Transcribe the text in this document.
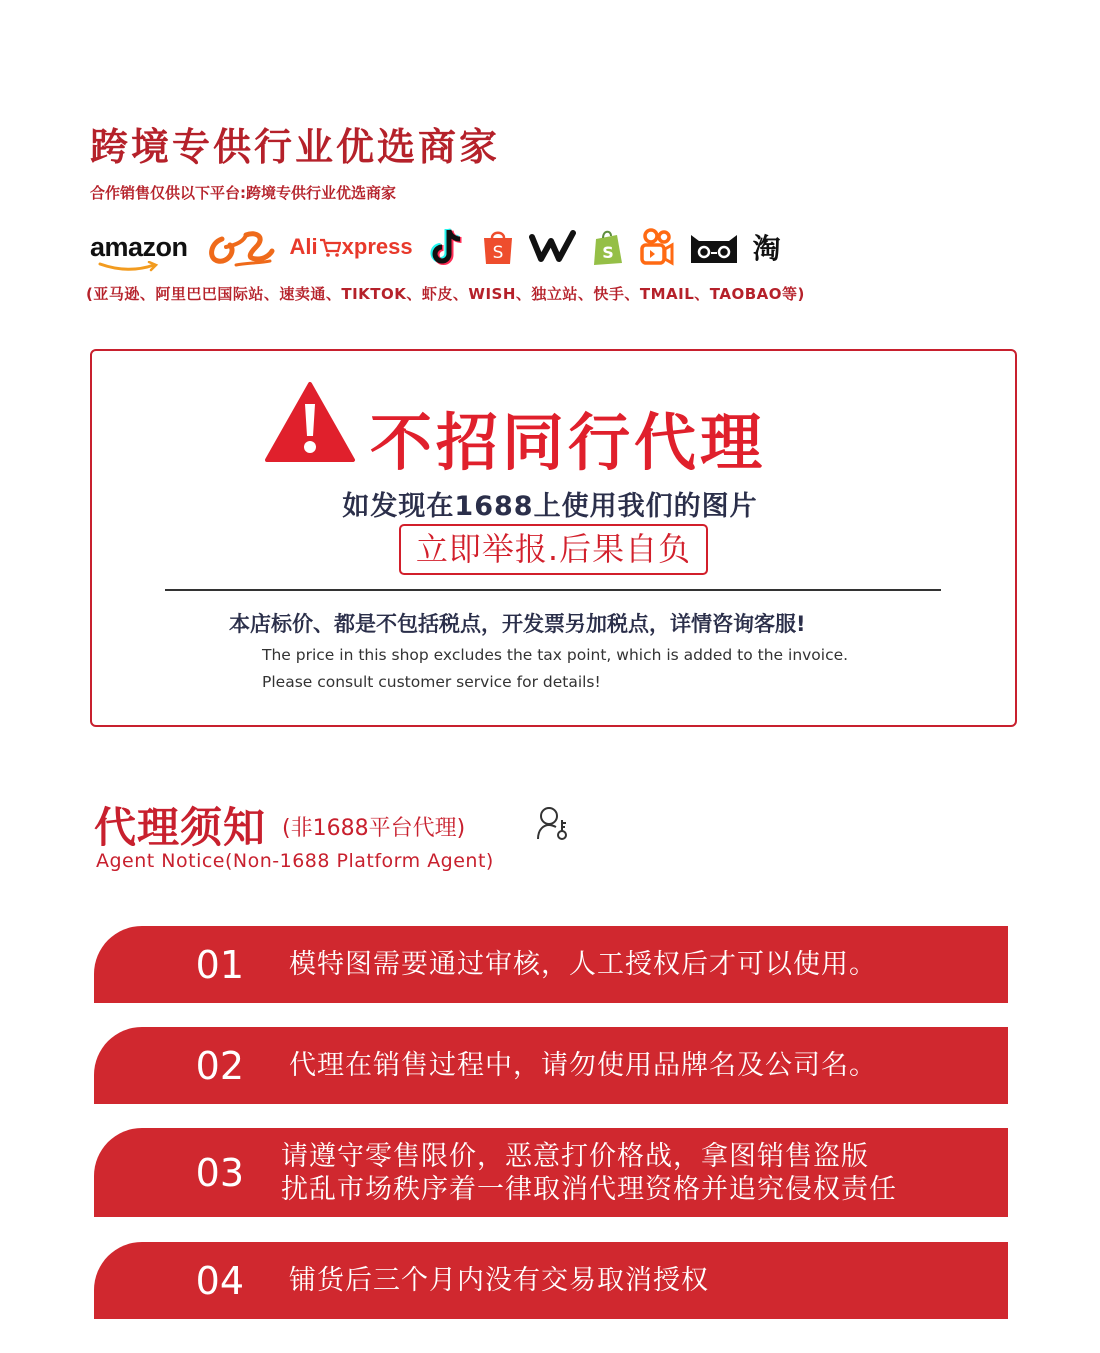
跨境专供行业优选商家
合作销售仅供以下平台:跨境专供行业优选商家
amazon	Ali xpress	S	S	淘
(亚马逊、阿里巴巴国际站、速卖通、TIKTOK、虾皮、WISH、独立站、快手、TMAIL、TAOBAO等)
不招同行代理
如发现在1688上使用我们的图片
立即举报.后果自负
本店标价、都是不包括税点，开发票另加税点，详情咨询客服!
The price in this shop excludes the tax point, which is added to the invoice.
Please consult customer service for details!
代理须知 (非1688平台代理)
Agent Notice(Non-1688 Platform Agent)
01 模特图需要通过审核，人工授权后才可以使用。
02 代理在销售过程中，请勿使用品牌名及公司名。
03 请遵守零售限价，恶意打价格战，拿图销售盗版
扰乱市场秩序着一律取消代理资格并追究侵权责任
04 铺货后三个月内没有交易取消授权
